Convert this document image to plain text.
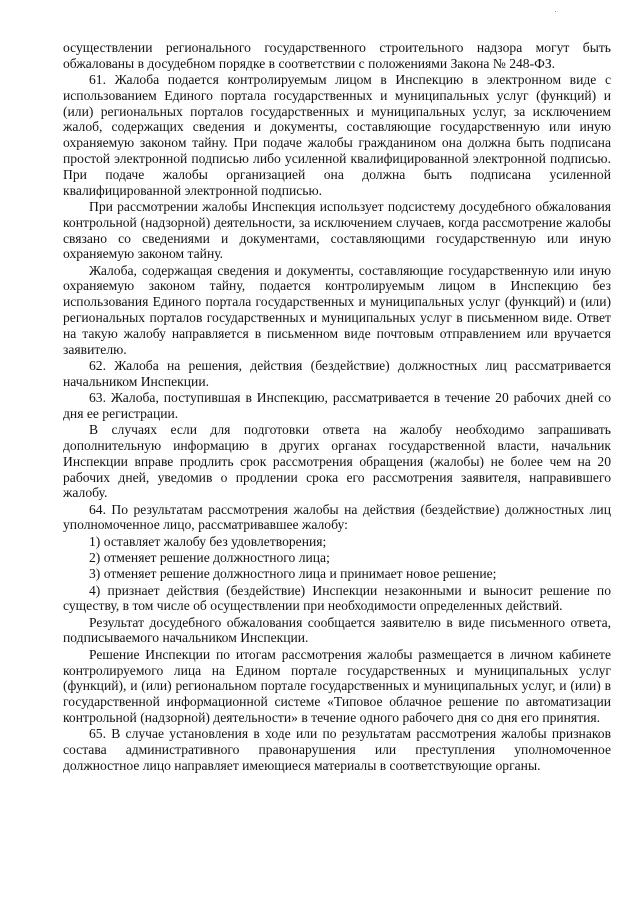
осуществлении регионального государственного строительного надзора могут быть обжалованы в досудебном порядке в соответствии с положениями Закона № 248-ФЗ.

61. Жалоба подается контролируемым лицом в Инспекцию в электронном виде с использованием Единого портала государственных и муниципальных услуг (функций) и (или) региональных порталов государственных и муниципальных услуг, за исключением жалоб, содержащих сведения и документы, составляющие государственную или иную охраняемую законом тайну. При подаче жалобы гражданином она должна быть подписана простой электронной подписью либо усиленной квалифицированной электронной подписью. При подаче жалобы организацией она должна быть подписана усиленной квалифицированной электронной подписью.

При рассмотрении жалобы Инспекция использует подсистему досудебного обжалования контрольной (надзорной) деятельности, за исключением случаев, когда рассмотрение жалобы связано со сведениями и документами, составляющими государственную или иную охраняемую законом тайну.

Жалоба, содержащая сведения и документы, составляющие государственную или иную охраняемую законом тайну, подается контролируемым лицом в Инспекцию без использования Единого портала государственных и муниципальных услуг (функций) и (или) региональных порталов государственных и муниципальных услуг в письменном виде. Ответ на такую жалобу направляется в письменном виде почтовым отправлением или вручается заявителю.

62. Жалоба на решения, действия (бездействие) должностных лиц рассматривается начальником Инспекции.

63. Жалоба, поступившая в Инспекцию, рассматривается в течение 20 рабочих дней со дня ее регистрации.

В случаях если для подготовки ответа на жалобу необходимо запрашивать дополнительную информацию в других органах государственной власти, начальник Инспекции вправе продлить срок рассмотрения обращения (жалобы) не более чем на 20 рабочих дней, уведомив о продлении срока его рассмотрения заявителя, направившего жалобу.

64. По результатам рассмотрения жалобы на действия (бездействие) должностных лиц уполномоченное лицо, рассматривавшее жалобу:

1) оставляет жалобу без удовлетворения;

2) отменяет решение должностного лица;

3) отменяет решение должностного лица и принимает новое решение;

4) признает действия (бездействие) Инспекции незаконными и выносит решение по существу, в том числе об осуществлении при необходимости определенных действий.

Результат досудебного обжалования сообщается заявителю в виде письменного ответа, подписываемого начальником Инспекции.

Решение Инспекции по итогам рассмотрения жалобы размещается в личном кабинете контролируемого лица на Едином портале государственных и муниципальных услуг (функций), и (или) региональном портале государственных и муниципальных услуг, и (или) в государственной информационной системе «Типовое облачное решение по автоматизации контрольной (надзорной) деятельности» в течение одного рабочего дня со дня его принятия.

65. В случае установления в ходе или по результатам рассмотрения жалобы признаков состава административного правонарушения или преступления уполномоченное должностное лицо направляет имеющиеся материалы в соответствующие органы.
